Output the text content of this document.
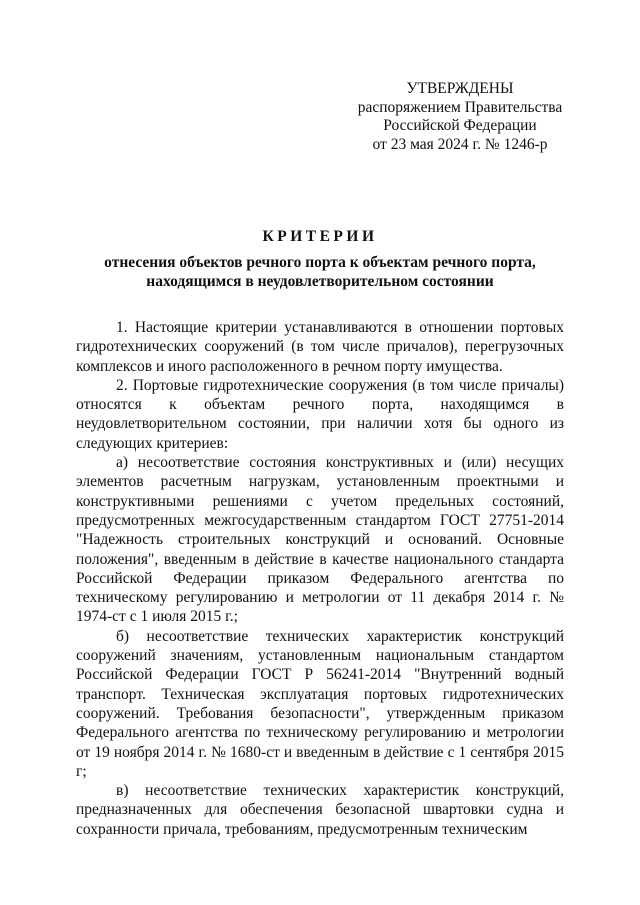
УТВЕРЖДЕНЫ
распоряжением Правительства
Российской Федерации
от 23 мая 2024 г. № 1246-р
КРИТЕРИИ
отнесения объектов речного порта к объектам речного порта,
находящимся в неудовлетворительном состоянии

1. Настоящие критерии устанавливаются в отношении портовых гидротехнических сооружений (в том числе причалов), перегрузочных комплексов и иного расположенного в речном порту имущества.

2. Портовые гидротехнические сооружения (в том числе причалы) относятся к объектам речного порта, находящимся в неудовлетворительном состоянии, при наличии хотя бы одного из следующих критериев:

а) несоответствие состояния конструктивных и (или) несущих элементов расчетным нагрузкам, установленным проектными и конструктивными решениями с учетом предельных состояний, предусмотренных межгосударственным стандартом ГОСТ 27751-2014 "Надежность строительных конструкций и оснований. Основные положения", введенным в действие в качестве национального стандарта Российской Федерации приказом Федерального агентства по техническому регулированию и метрологии от 11 декабря 2014 г. № 1974-ст с 1 июля 2015 г.;

б) несоответствие технических характеристик конструкций сооружений значениям, установленным национальным стандартом Российской Федерации ГОСТ Р 56241-2014 "Внутренний водный транспорт. Техническая эксплуатация портовых гидротехнических сооружений. Требования безопасности", утвержденным приказом Федерального агентства по техническому регулированию и метрологии от 19 ноября 2014 г. № 1680-ст и введенным в действие с 1 сентября 2015 г;

в) несоответствие технических характеристик конструкций, предназначенных для обеспечения безопасной швартовки судна и сохранности причала, требованиям, предусмотренным техническим
